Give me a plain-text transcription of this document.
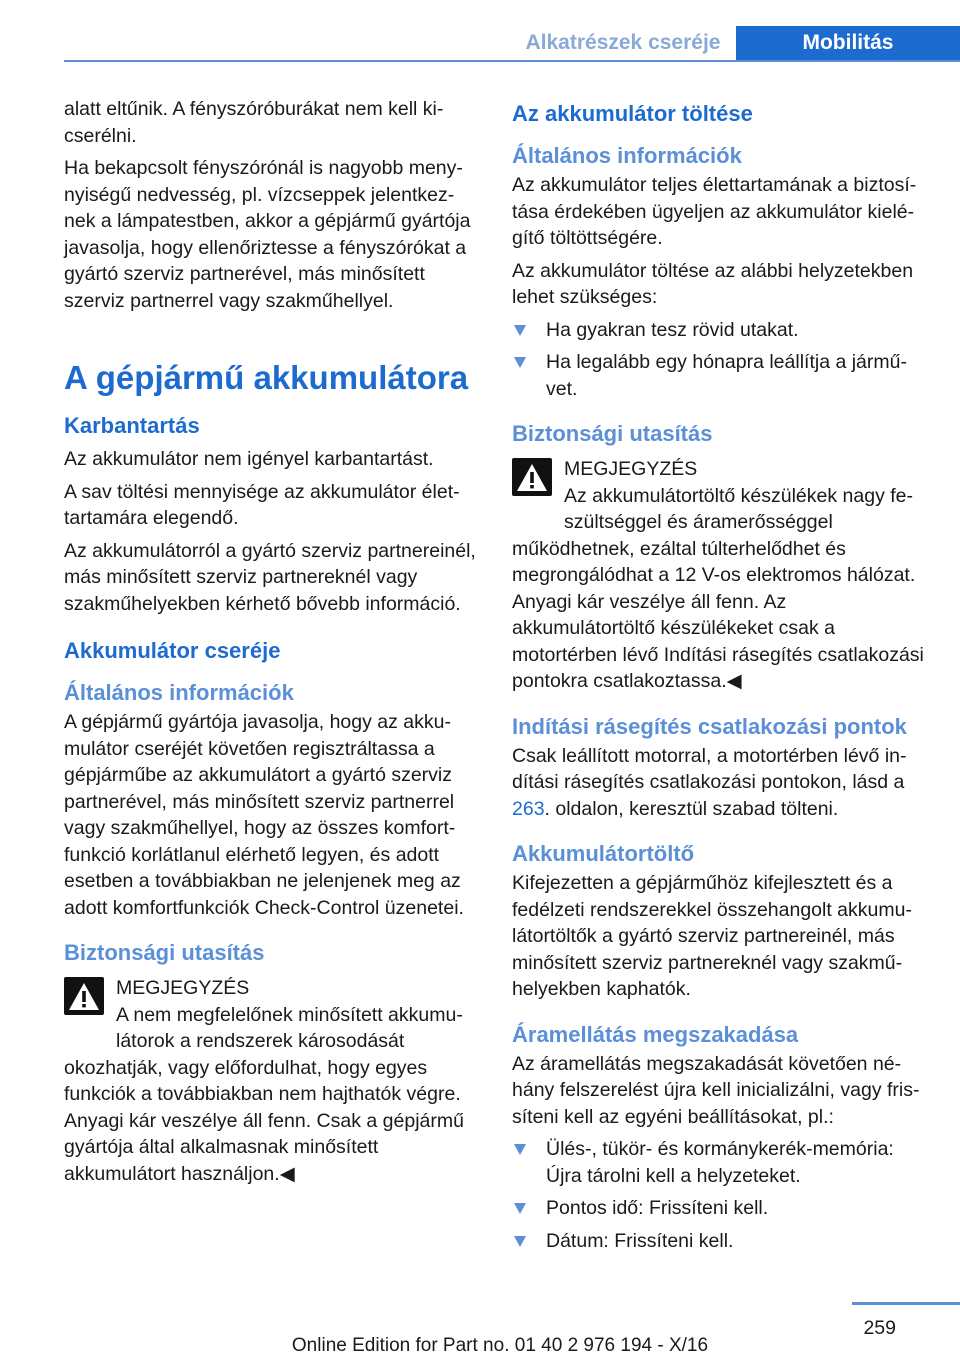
Alkatrészek cseréje	Mobilitás

alatt eltűnik. A fényszóróburákat nem kell kicserélni.

Ha bekapcsolt fényszórónál is nagyobb menynyiségű nedvesség, pl. vízcseppek jelentkeznek a lámpatestben, akkor a gépjármű gyártója javasolja, hogy ellenőriztesse a fényszórókat a gyártó szerviz partnerével, más minősített szerviz partnerrel vagy szakműhellyel.

A gépjármű akkumulátora
Karbantartás

Az akkumulátor nem igényel karbantartást.

A sav töltési mennyisége az akkumulátor élettartamára elegendő.

Az akkumulátorról a gyártó szerviz partnereinél, más minősített szerviz partnereknél vagy szakműhelyekben kérhető bővebb információ.

Akkumulátor cseréje
Általános információk

A gépjármű gyártója javasolja, hogy az akkumulátor cseréjét követően regisztráltassa a gépjárműbe az akkumulátort a gyártó szerviz partnerével, más minősített szerviz partnerrel vagy szakműhellyel, hogy az összes komfortfunkció korlátlanul elérhető legyen, és adott esetben a továbbiakban ne jelenjenek meg az adott komfortfunkciók Check-Control üzenetei.

Biztonsági utasítás
MEGJEGYZÉS

A nem megfelelőnek minősített akkumulátorok a rendszerek károsodását okozhatják, vagy előfordulhat, hogy egyes funkciók a továbbiakban nem hajthatók végre. Anyagi kár veszélye áll fenn. Csak a gépjármű gyártója által alkalmasnak minősített akkumulátort használjon.◀

Az akkumulátor töltése
Általános információk

Az akkumulátor teljes élettartamának a biztosítása érdekében ügyeljen az akkumulátor kielégítő töltöttségére.

Az akkumulátor töltése az alábbi helyzetekben lehet szükséges:

Ha gyakran tesz rövid utakat.
Ha legalább egy hónapra leállítja a járművet.
Biztonsági utasítás
MEGJEGYZÉS

Az akkumulátortöltő készülékek nagy feszültséggel és áramerősséggel működhetnek, ezáltal túlterhelődhet és megrongálódhat a 12 V-os elektromos hálózat. Anyagi kár veszélye áll fenn. Az akkumulátortöltő készülékeket csak a motortérben lévő Indítási rásegítés csatlakozási pontokra csatlakoztassa.◀

Indítási rásegítés csatlakozási pontok

Csak leállított motorral, a motortérben lévő indítási rásegítés csatlakozási pontokon, lásd a 263. oldalon, keresztül szabad tölteni.

Akkumulátortöltő

Kifejezetten a gépjárműhöz kifejlesztett és a fedélzeti rendszerekkel összehangolt akkumulátortöltők a gyártó szerviz partnereinél, más minősített szerviz partnereknél vagy szakműhelyekben kaphatók.

Áramellátás megszakadása

Az áramellátás megszakadását követően néhány felszerelést újra kell inicializálni, vagy frissíteni kell az egyéni beállításokat, pl.:

Ülés-, tükör- és kormánykerék-memória: Újra tárolni kell a helyzeteket.
Pontos idő: Frissíteni kell.
Dátum: Frissíteni kell.
259
Online Edition for Part no. 01 40 2 976 194 - X/16
